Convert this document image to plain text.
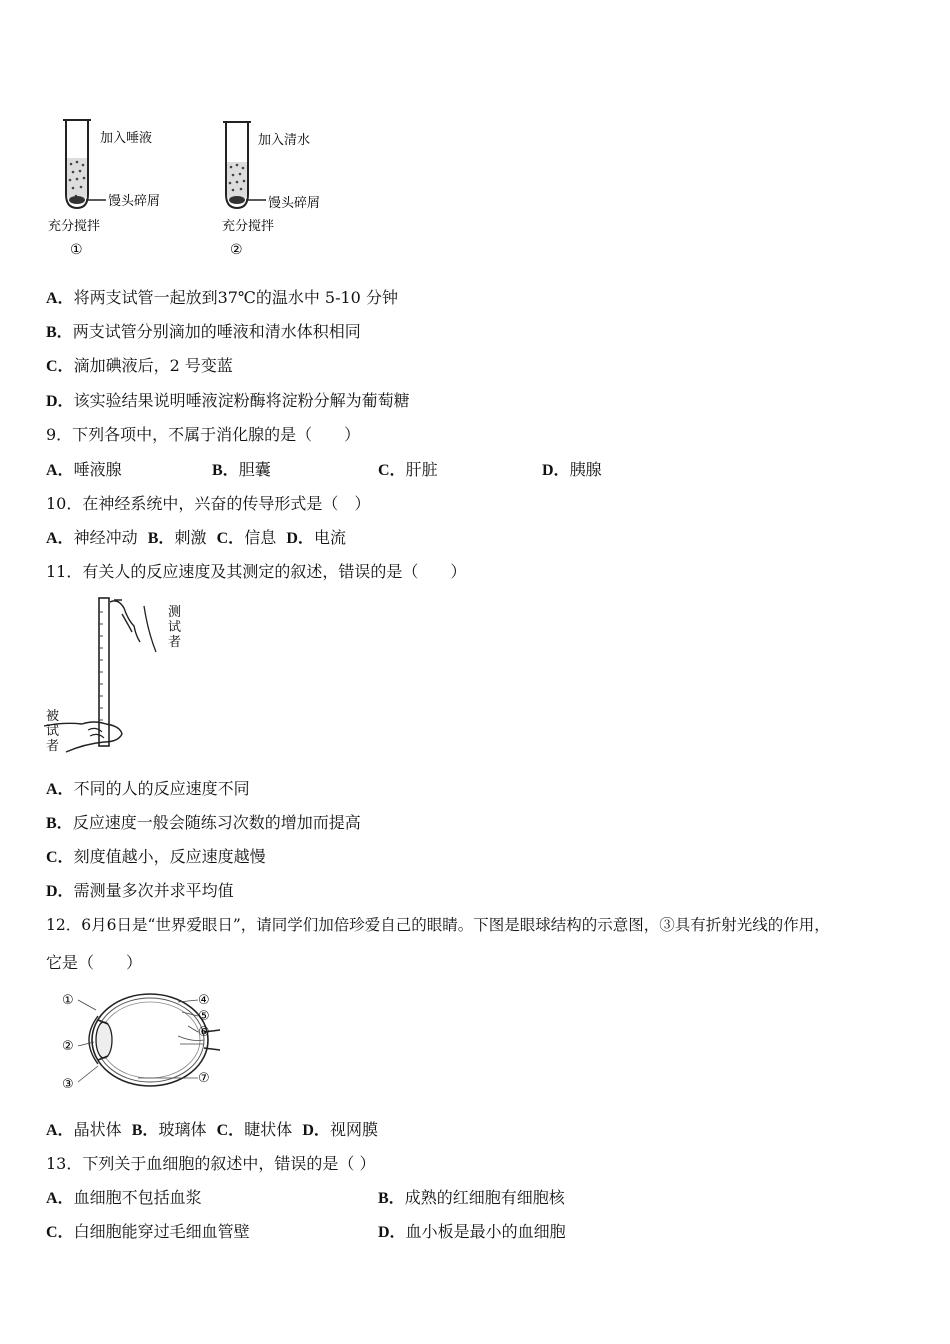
加入唾液
馒头碎屑
充分搅拌
①
加入清水
馒头碎屑
充分搅拌
②
A．将两支试管一起放到37℃的温水中 5-10 分钟
B．两支试管分别滴加的唾液和清水体积相同
C．滴加碘液后，2 号变蓝
D．该实验结果说明唾液淀粉酶将淀粉分解为葡萄糖
9．下列各项中，不属于消化腺的是（　　）
A．唾液腺	B．胆囊	C．肝脏	D．胰腺
10．在神经系统中，兴奋的传导形式是（　）
A．神经冲动 B．刺激 C．信息 D．电流
11．有关人的反应速度及其测定的叙述，错误的是（　　）
测 试者
被 试者
A．不同的人的反应速度不同
B．反应速度一般会随练习次数的增加而提高
C．刻度值越小，反应速度越慢
D．需测量多次并求平均值
12．6月6日是“世界爱眼日”，请同学们加倍珍爱自己的眼睛。下图是眼球结构的示意图，③具有折射光线的作用，
它是（　　）
①
②
③
④
⑤
⑥
⑦
A．晶状体 B．玻璃体 C．睫状体 D．视网膜
13．下列关于血细胞的叙述中，错误的是（ ）
A．血细胞不包括血浆	B．成熟的红细胞有细胞核
C．白细胞能穿过毛细血管壁	D．血小板是最小的血细胞
